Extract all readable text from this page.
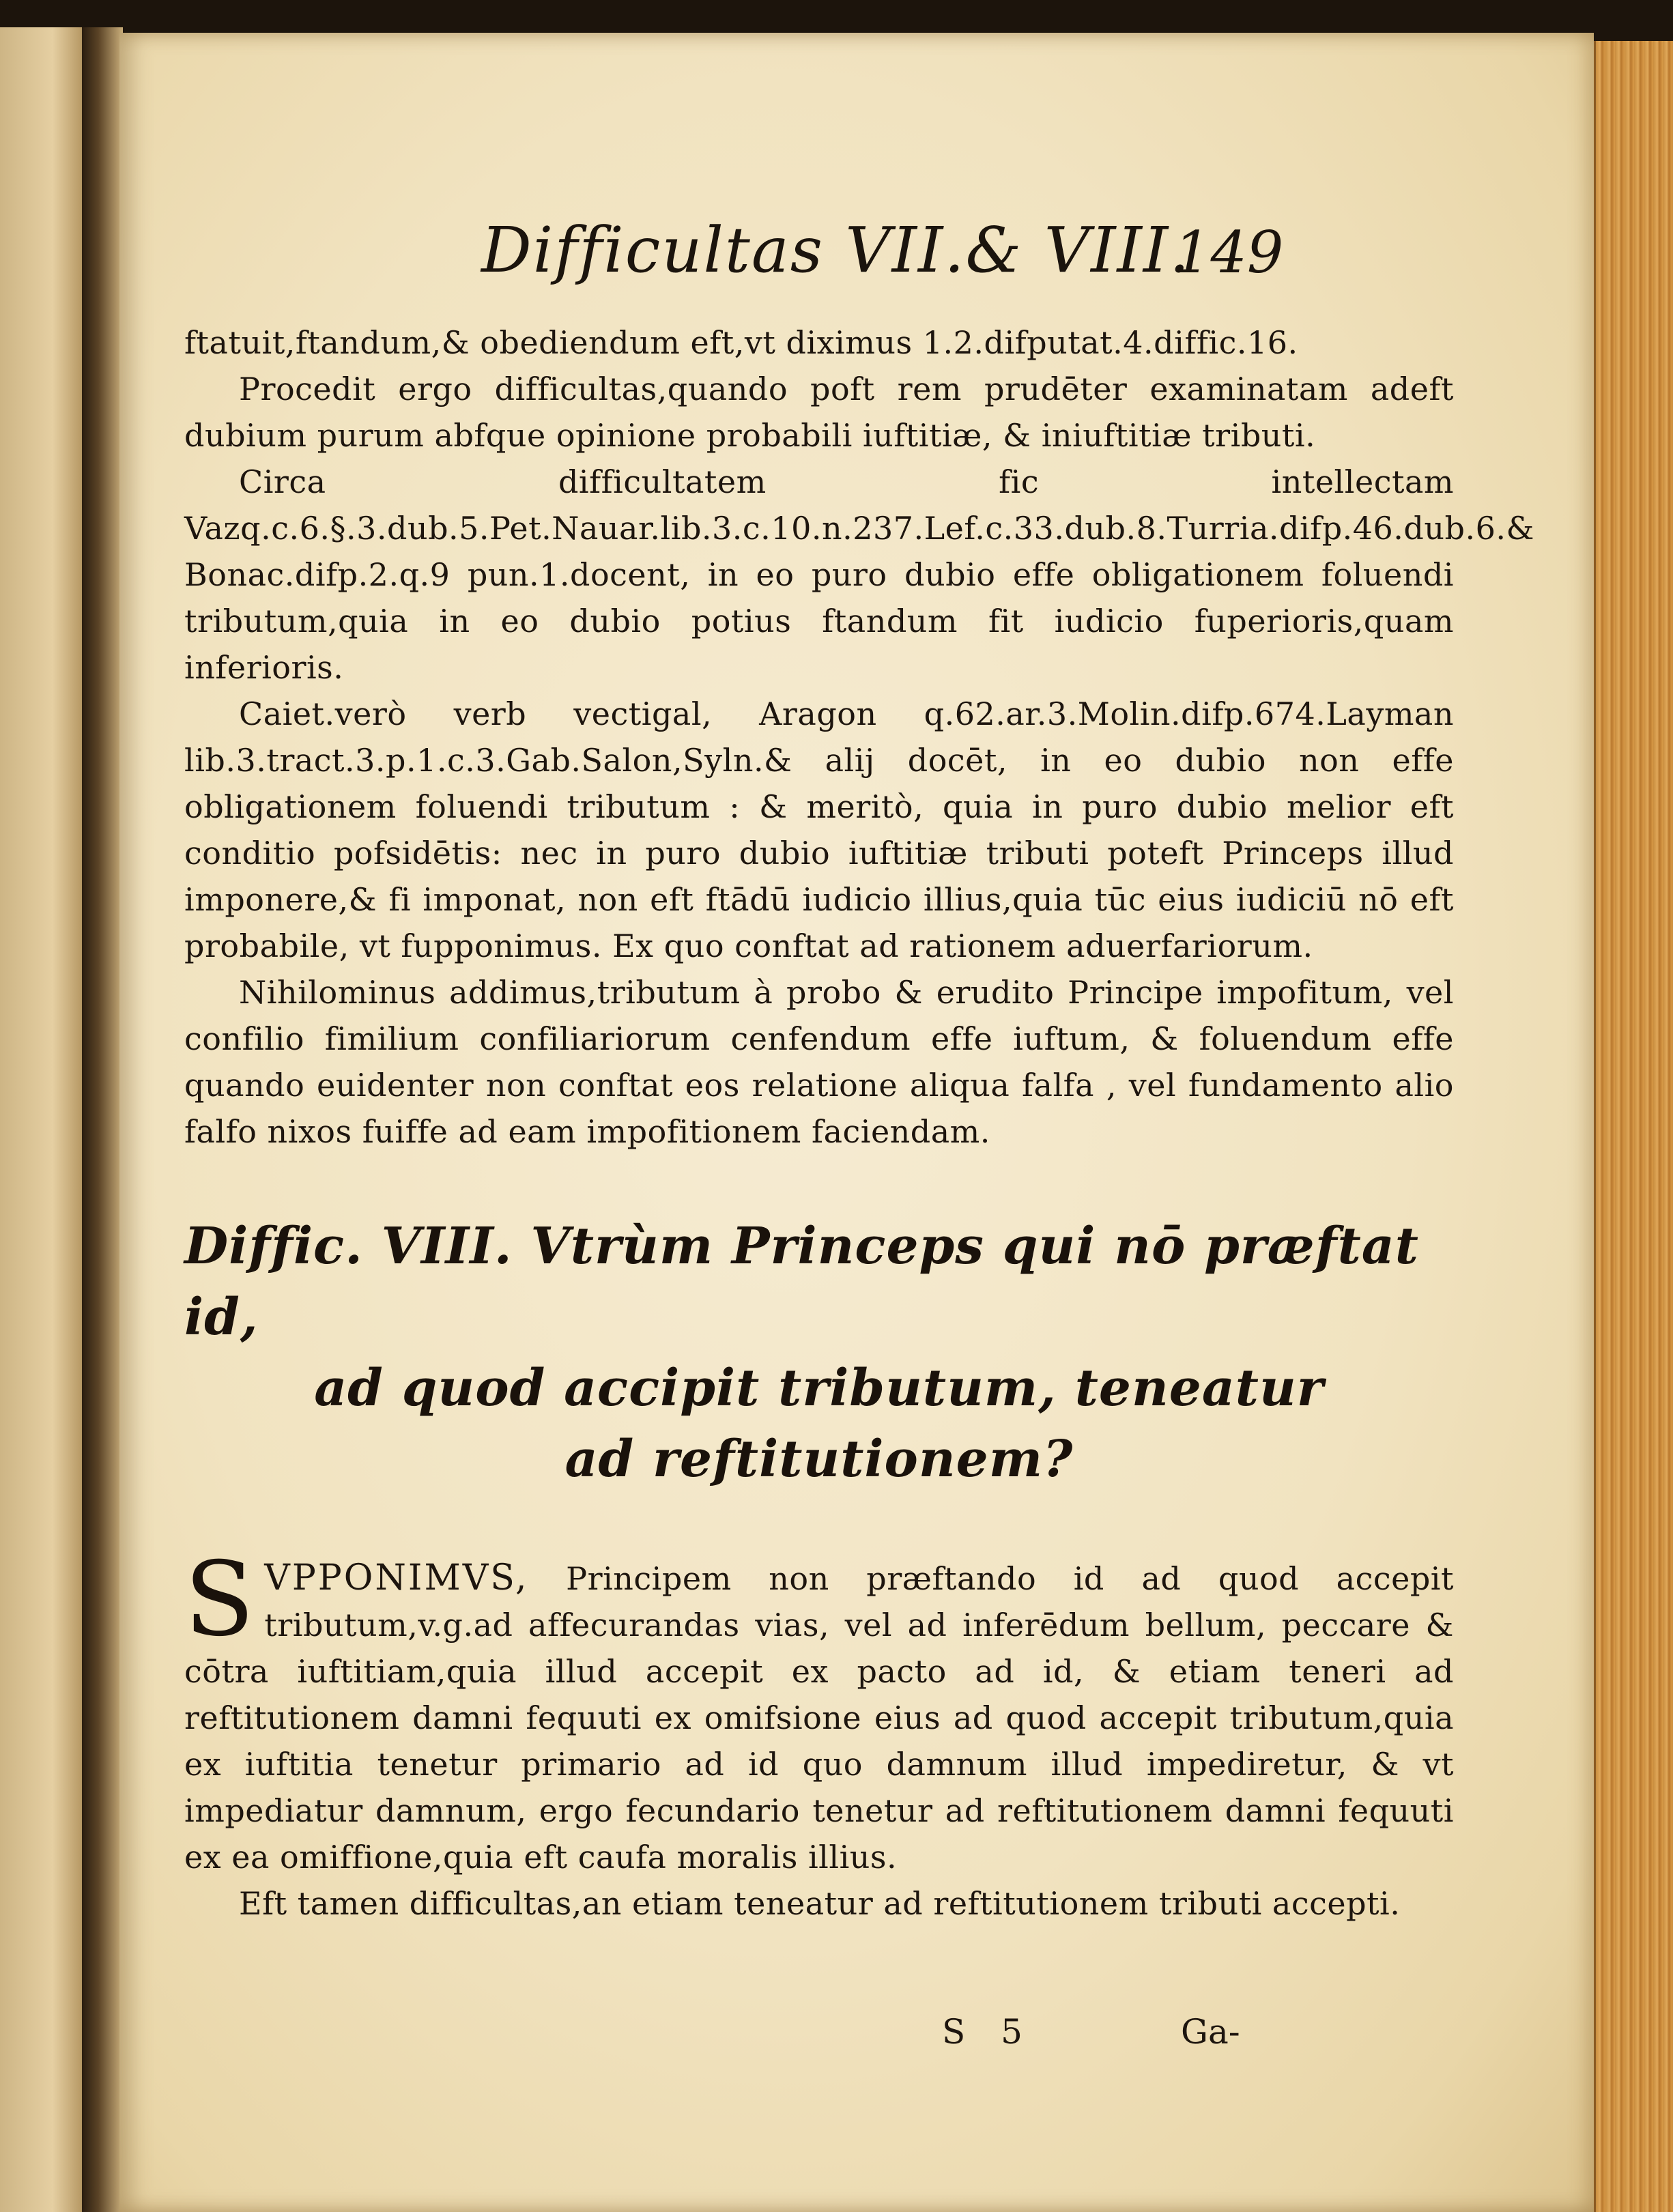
Difficultas VII.& VIII.
149

ftatuit,ftandum,& obediendum eft,vt diximus 1.2.difputat.4.diffic.16.

Procedit ergo difficultas,quando poft rem prudēter examinatam adeft dubium purum abfque opinione probabili iuftitiæ, & iniuftitiæ tributi.

Circa difficultatem fic intellectam Vazq.c.6.§.3.dub.5.Pet.Nauar.lib.3.c.10.n.237.Lef.c.33.dub.8.Turria.difp.46.dub.6.& Bonac.difp.2.q.9 pun.1.docent, in eo puro dubio effe obligationem foluendi tributum,quia in eo dubio potius ftandum fit iudicio fuperioris,quam inferioris.

Caiet.verò verb vectigal, Aragon q.62.ar.3.Molin.difp.674.Layman lib.3.tract.3.p.1.c.3.Gab.Salon,Syln.& alij docēt, in eo dubio non effe obligationem foluendi tributum : & meritò, quia in puro dubio melior eft conditio pofsidētis: nec in puro dubio iuftitiæ tributi poteft Princeps illud imponere,& fi imponat, non eft ftādū iudicio illius,quia tūc eius iudiciū nō eft probabile, vt fupponimus. Ex quo conftat ad rationem aduerfariorum.

Nihilominus addimus,tributum à probo & erudito Principe impofitum, vel confilio fimilium confiliariorum cenfendum effe iuftum, & foluendum effe quando euidenter non conftat eos relatione aliqua falfa , vel fundamento alio falfo nixos fuiffe ad eam impofitionem faciendam.

Diffic. VIII. Vtrùm Princeps qui nō præftat id,
ad quod accipit tributum, teneatur
ad reftitutionem?

SVPPONIMVS, Principem non præftando id ad quod accepit tributum,v.g.ad affecurandas vias, vel ad inferēdum bellum, peccare & cōtra iuftitiam,quia illud accepit ex pacto ad id, & etiam teneri ad reftitutionem damni fequuti ex omifsione eius ad quod accepit tributum,quia ex iuftitia tenetur primario ad id quo damnum illud impediretur, & vt impediatur damnum, ergo fecundario tenetur ad reftitutionem damni fequuti ex ea omiffione,quia eft caufa moralis illius.

Eft tamen difficultas,an etiam teneatur ad reftitutionem tributi accepti.

S 5	Ga-
